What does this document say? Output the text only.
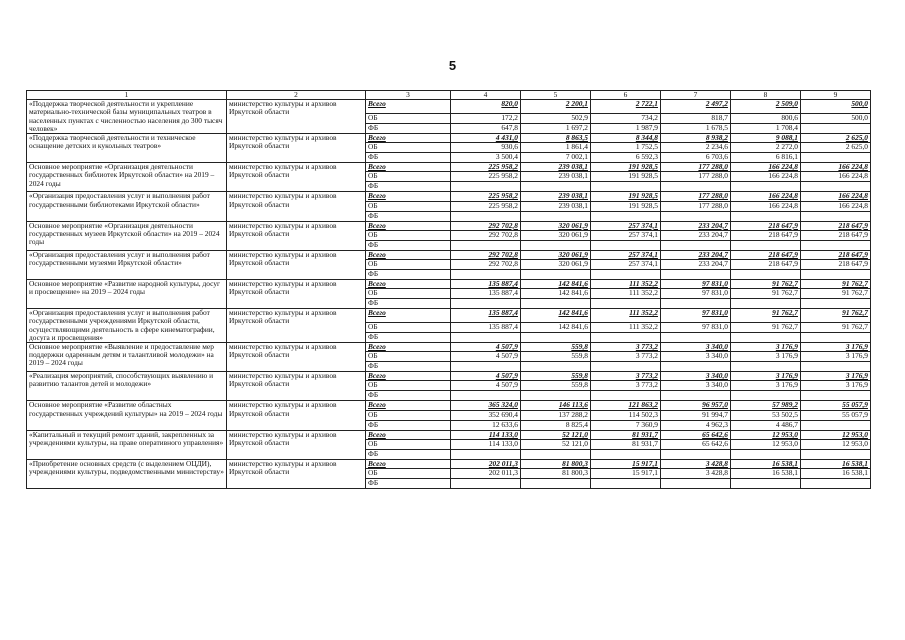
5
1	2	3	4	5	6	7	8	9
«Поддержка творческой деятельности и укрепление материально-технической базы муниципальных театров в населенных пунктах с численностью населения до 300 тысяч человек»	министерство культуры и архивов Иркутской области	Всего	820,0	2 200,1	2 722,1	2 497,2	2 509,0	500,0
		ОБ	172,2	502,9	734,2	818,7	800,6	500,0
		ФБ	647,8	1 697,2	1 987,9	1 678,5	1 708,4	
«Поддержка творческой деятельности и техническое оснащение детских и кукольных театров»	министерство культуры и архивов Иркутской области	Всего	4 431,0	8 863,5	8 344,8	8 938,2	9 088,1	2 625,0
		ОБ	930,6	1 861,4	1 752,5	2 234,6	2 272,0	2 625,0
		ФБ	3 500,4	7 002,1	6 592,3	6 703,6	6 816,1	
Основное мероприятие «Организация деятельности государственных библиотек Иркутской области» на 2019 – 2024 годы	министерство культуры и архивов Иркутской области	Всего	225 958,2	239 038,1	191 928,5	177 288,0	166 224,8	166 224,8
		ОБ	225 958,2	239 038,1	191 928,5	177 288,0	166 224,8	166 224,8
		ФБ						
«Организация предоставления услуг и выполнения работ государственными библиотеками Иркутской области»	министерство культуры и архивов Иркутской области	Всего	225 958,2	239 038,1	191 928,5	177 288,0	166 224,8	166 224,8
		ОБ	225 958,2	239 038,1	191 928,5	177 288,0	166 224,8	166 224,8
		ФБ						
Основное мероприятие «Организация деятельности государственных музеев Иркутской области» на 2019 – 2024 годы	министерство культуры и архивов Иркутской области	Всего	292 702,8	320 061,9	257 374,1	233 204,7	218 647,9	218 647,9
		ОБ	292 702,8	320 061,9	257 374,1	233 204,7	218 647,9	218 647,9
		ФБ						
«Организация предоставления услуг и выполнения работ государственными музеями Иркутской области»	министерство культуры и архивов Иркутской области	Всего	292 702,8	320 061,9	257 374,1	233 204,7	218 647,9	218 647,9
		ОБ	292 702,8	320 061,9	257 374,1	233 204,7	218 647,9	218 647,9
		ФБ						
Основное мероприятие «Развитие народной культуры, досуг и просвещение» на 2019 – 2024 годы	министерство культуры и архивов Иркутской области	Всего	135 887,4	142 841,6	111 352,2	97 831,0	91 762,7	91 762,7
		ОБ	135 887,4	142 841,6	111 352,2	97 831,0	91 762,7	91 762,7
		ФБ						
«Организация предоставления услуг и выполнения работ государственными учреждениями Иркутской области, осуществляющими деятельность в сфере кинематографии, досуга и просвещения»	министерство культуры и архивов Иркутской области	Всего	135 887,4	142 841,6	111 352,2	97 831,0	91 762,7	91 762,7
		ОБ	135 887,4	142 841,6	111 352,2	97 831,0	91 762,7	91 762,7
		ФБ						
Основное мероприятие «Выявление и предоставление мер поддержки одаренным детям и талантливой молодежи» на 2019 – 2024 годы	министерство культуры и архивов Иркутской области	Всего	4 507,9	559,8	3 773,2	3 340,0	3 176,9	3 176,9
		ОБ	4 507,9	559,8	3 773,2	3 340,0	3 176,9	3 176,9
		ФБ						
«Реализация мероприятий, способствующих выявлению и развитию талантов детей и молодежи»	министерство культуры и архивов Иркутской области	Всего	4 507,9	559,8	3 773,2	3 340,0	3 176,9	3 176,9
		ОБ	4 507,9	559,8	3 773,2	3 340,0	3 176,9	3 176,9
		ФБ						
Основное мероприятие «Развитие областных государственных учреждений культуры» на 2019 – 2024 годы	министерство культуры и архивов Иркутской области	Всего	365 324,0	146 113,6	121 863,2	96 957,0	57 989,2	55 057,9
		ОБ	352 690,4	137 288,2	114 502,3	91 994,7	53 502,5	55 057,9
		ФБ	12 633,6	8 825,4	7 360,9	4 962,3	4 486,7	
«Капитальный и текущий ремонт зданий, закрепленных за учреждениями культуры, на праве оперативного управления»	министерство культуры и архивов Иркутской области	Всего	114 133,0	52 121,0	81 931,7	65 642,6	12 953,0	12 953,0
		ОБ	114 133,0	52 121,0	81 931,7	65 642,6	12 953,0	12 953,0
		ФБ						
«Приобретение основных средств (с выделением ОЦДИ), учреждениями культуры, подведомственными министерству»	министерство культуры и архивов Иркутской области	Всего	202 011,3	81 800,3	15 917,1	3 428,8	16 538,1	16 538,1
		ОБ	202 011,3	81 800,3	15 917,1	3 428,8	16 538,1	16 538,1
		ФБ						
